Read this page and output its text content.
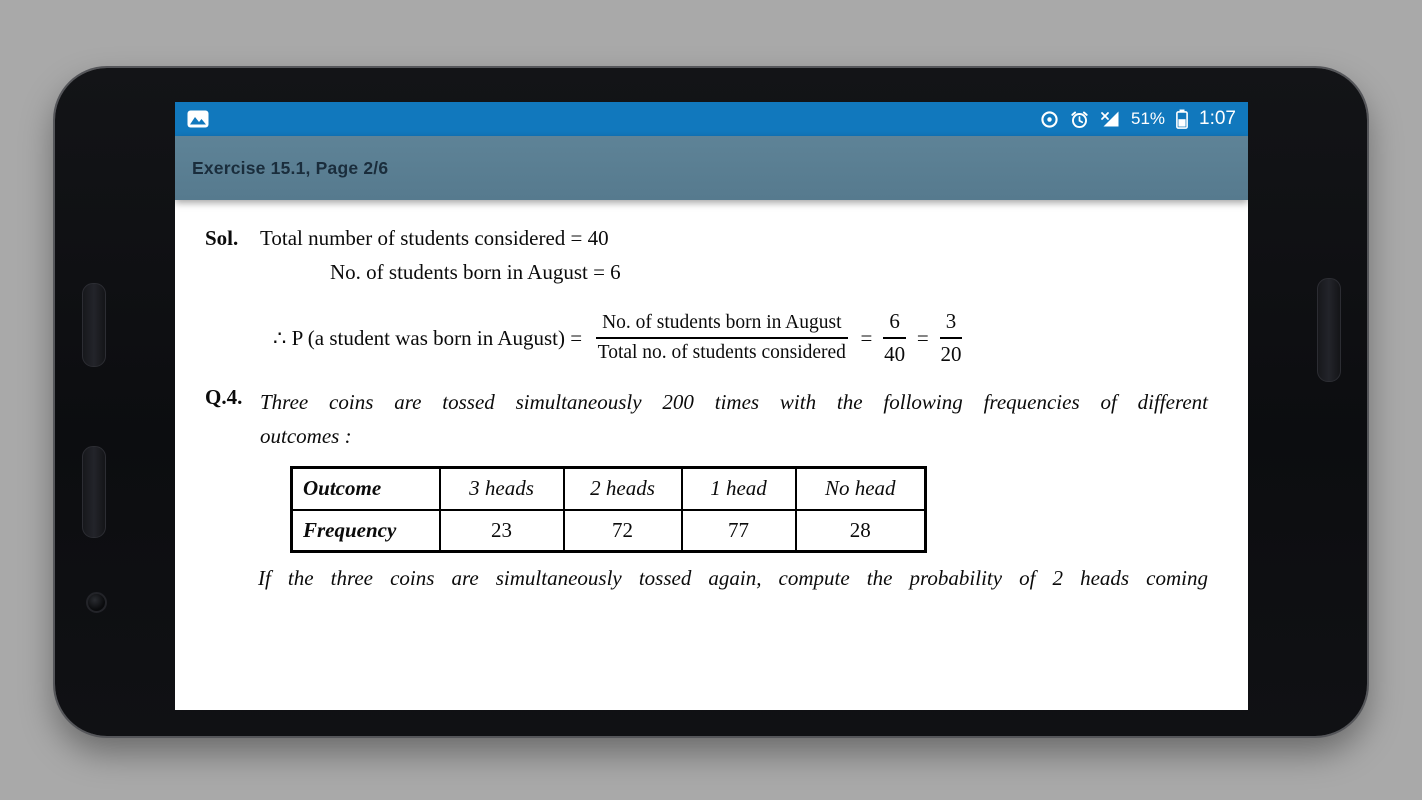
51% 1:07
Exercise 15.1, Page 2/6
Sol.	Total number of students considered = 40
No. of students born in August = 6
∴ P (a student was born in August) = $\frac{\text{No. of students born in August}}{\text{Total no. of students considered}} = \frac{6}{40} = \frac{3}{20}$
Q.4. Three coins are tossed simultaneously 200 times with the following frequencies of different
outcomes :
Outcome	3 heads	2 heads	1 head	No head
Frequency	23	72	77	28
If the three coins are simultaneously tossed again, compute the probability of 2 heads coming
